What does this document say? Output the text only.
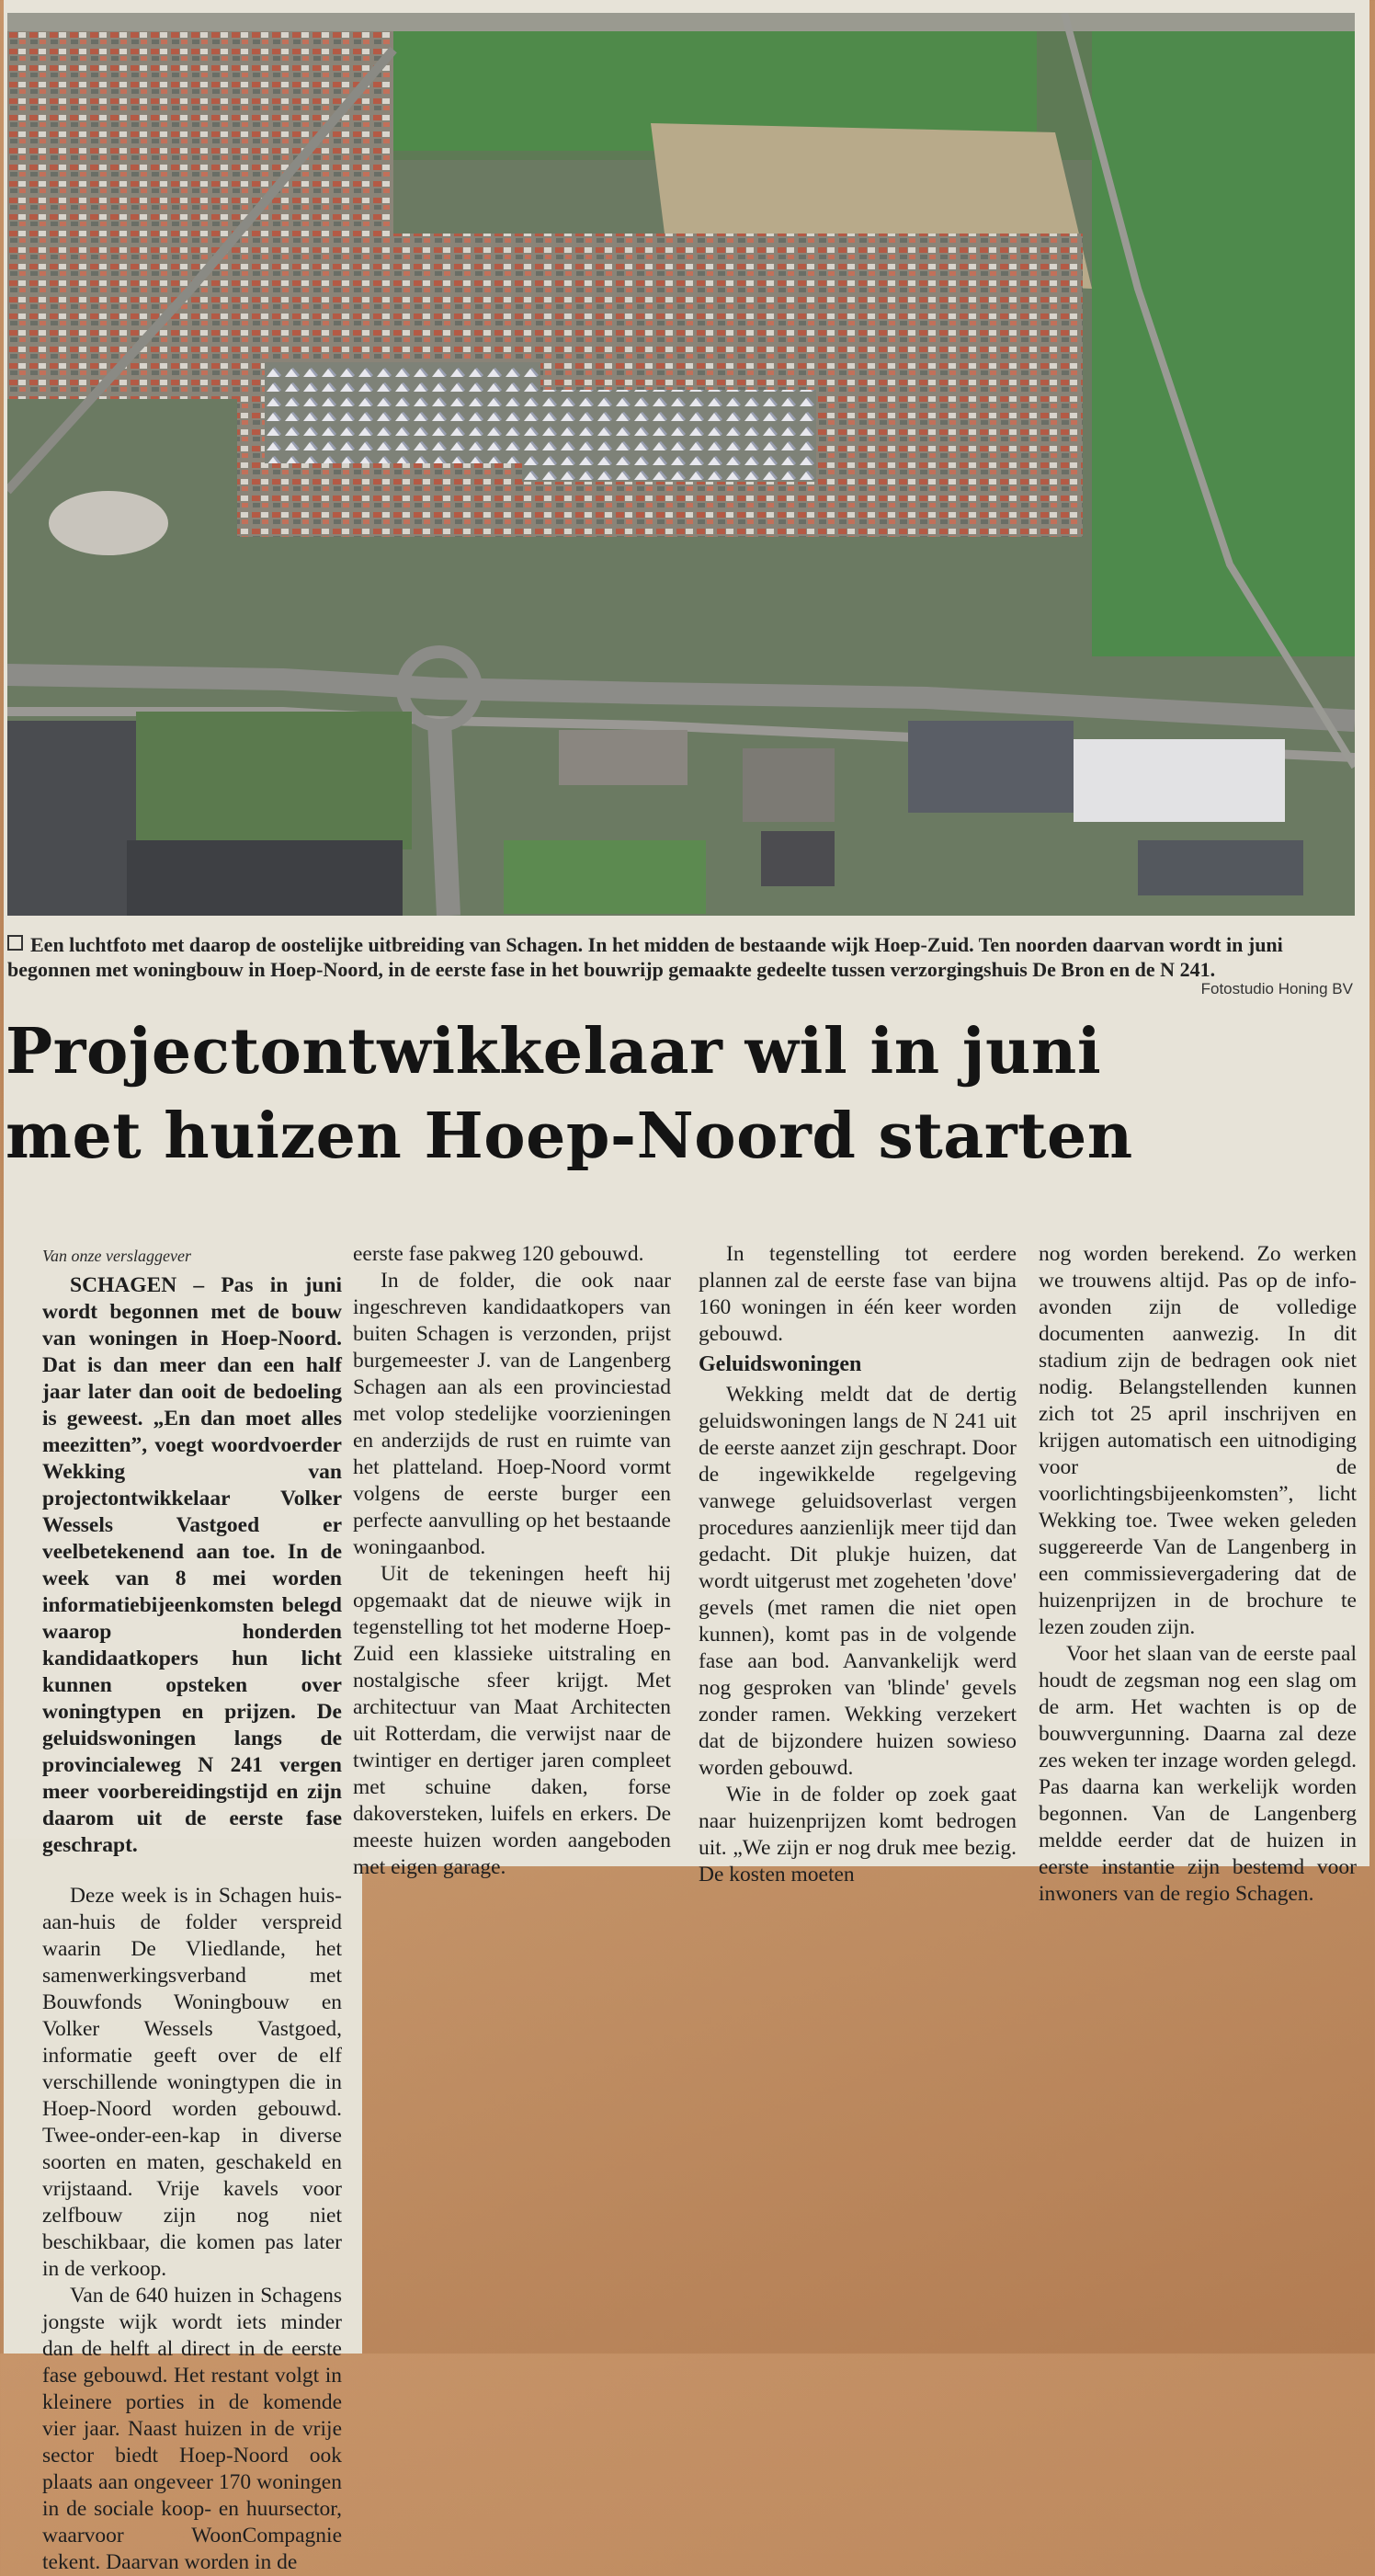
Een luchtfoto met daarop de oostelijke uitbreiding van Schagen. In het midden de bestaande wijk Hoep-Zuid. Ten noorden daarvan wordt in juni begonnen met woningbouw in Hoep-Noord, in de eerste fase in het bouwrijp gemaakte gedeelte tussen verzorgingshuis De Bron en de N 241.
Fotostudio Honing BV
Projectontwikkelaar wil in juni
met huizen Hoep-Noord starten
Van onze verslaggever

SCHAGEN – Pas in juni wordt begonnen met de bouw van woningen in Hoep-Noord. Dat is dan meer dan een half jaar later dan ooit de bedoeling is geweest. „En dan moet alles meezitten”, voegt woordvoerder Wekking van projectontwikkelaar Volker Wessels Vastgoed er veelbetekenend aan toe. In de week van 8 mei worden informatiebijeenkomsten belegd waarop honderden kandidaatkopers hun licht kunnen opsteken over woningtypen en prijzen. De geluidswoningen langs de provincialeweg N 241 vergen meer voorbereidingstijd en zijn daarom uit de eerste fase geschrapt.

Deze week is in Schagen huis-aan-huis de folder verspreid waarin De Vliedlande, het samenwerkingsverband met Bouwfonds Woningbouw en Volker Wessels Vastgoed, informatie geeft over de elf verschillende woningtypen die in Hoep-Noord worden gebouwd. Twee-onder-een-kap in diverse soorten en maten, geschakeld en vrijstaand. Vrije kavels voor zelfbouw zijn nog niet beschikbaar, die komen pas later in de verkoop.

Van de 640 huizen in Schagens jongste wijk wordt iets minder dan de helft al direct in de eerste fase gebouwd. Het restant volgt in kleinere porties in de komende vier jaar. Naast huizen in de vrije sector biedt Hoep-Noord ook plaats aan ongeveer 170 woningen in de sociale koop- en huursector, waarvoor WoonCompagnie tekent. Daarvan worden in de

eerste fase pakweg 120 gebouwd.

In de folder, die ook naar ingeschreven kandidaatkopers van buiten Schagen is verzonden, prijst burgemeester J. van de Langenberg Schagen aan als een provinciestad met volop stedelijke voorzieningen en anderzijds de rust en ruimte van het platteland. Hoep-Noord vormt volgens de eerste burger een perfecte aanvulling op het bestaande woningaanbod.

Uit de tekeningen heeft hij opgemaakt dat de nieuwe wijk in tegenstelling tot het moderne Hoep-Zuid een klassieke uitstraling en nostalgische sfeer krijgt. Met architectuur van Maat Architecten uit Rotterdam, die verwijst naar de twintiger en dertiger jaren compleet met schuine daken, forse dakoversteken, luifels en erkers. De meeste huizen worden aangeboden met eigen garage.

In tegenstelling tot eerdere plannen zal de eerste fase van bijna 160 woningen in één keer worden gebouwd.

Geluidswoningen

Wekking meldt dat de dertig geluidswoningen langs de N 241 uit de eerste aanzet zijn geschrapt. Door de ingewikkelde regelgeving vanwege geluidsoverlast vergen procedures aanzienlijk meer tijd dan gedacht. Dit plukje huizen, dat wordt uitgerust met zogeheten 'dove' gevels (met ramen die niet open kunnen), komt pas in de volgende fase aan bod. Aanvankelijk werd nog gesproken van 'blinde' gevels zonder ramen. Wekking verzekert dat de bijzondere huizen sowieso worden gebouwd.

Wie in de folder op zoek gaat naar huizenprijzen komt bedrogen uit. „We zijn er nog druk mee bezig. De kosten moeten

nog worden berekend. Zo werken we trouwens altijd. Pas op de info-avonden zijn de volledige documenten aanwezig. In dit stadium zijn de bedragen ook niet nodig. Belangstellenden kunnen zich tot 25 april inschrijven en krijgen automatisch een uitnodiging voor de voorlichtingsbijeenkomsten”, licht Wekking toe. Twee weken geleden suggereerde Van de Langenberg in een commissievergadering dat de huizenprijzen in de brochure te lezen zouden zijn.

Voor het slaan van de eerste paal houdt de zegsman nog een slag om de arm. Het wachten is op de bouwvergunning. Daarna zal deze zes weken ter inzage worden gelegd. Pas daarna kan werkelijk worden begonnen. Van de Langenberg meldde eerder dat de huizen in eerste instantie zijn bestemd voor inwoners van de regio Schagen.
